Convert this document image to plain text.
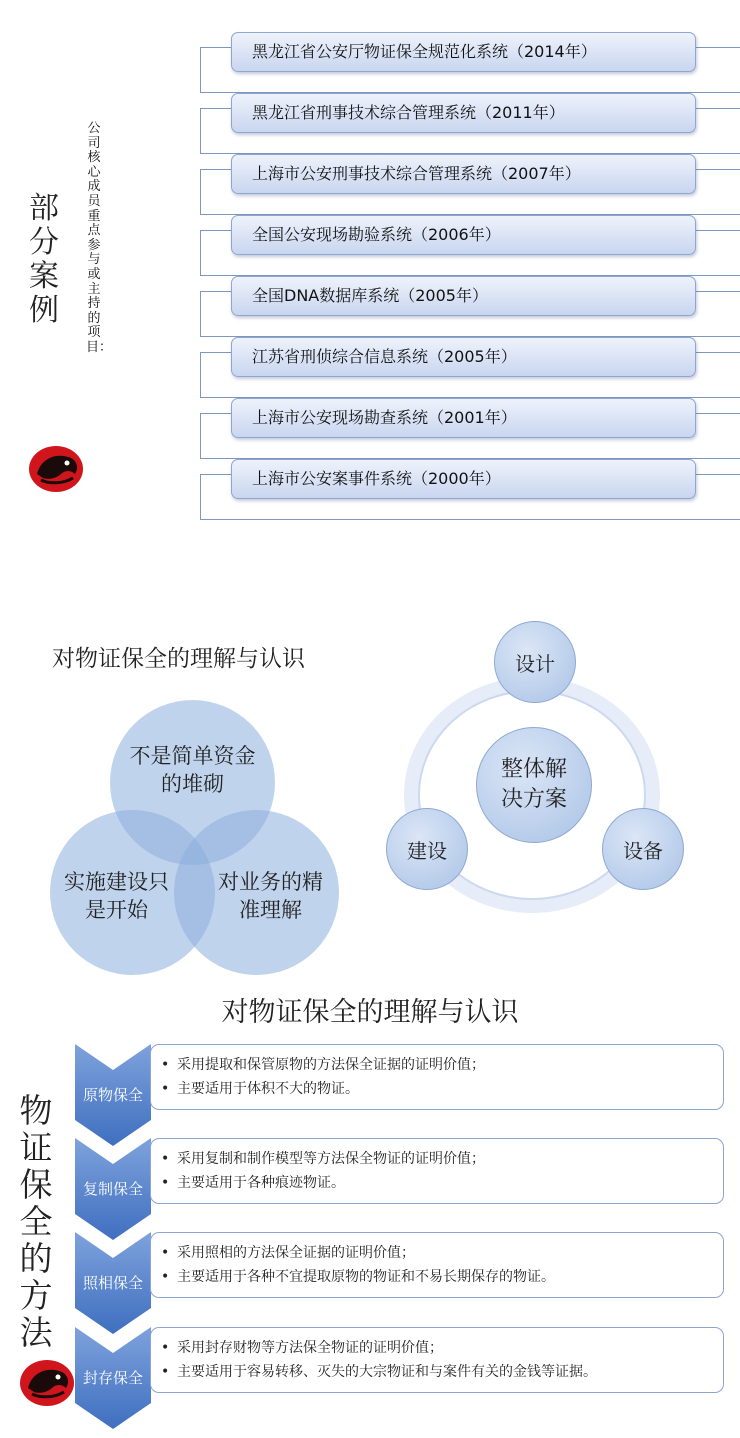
部分案例
公司核心成员重点参与或主持的项目：
黑龙江省公安厅物证保全规范化系统（2014年）
黑龙江省刑事技术综合管理系统（2011年）
上海市公安刑事技术综合管理系统（2007年）
全国公安现场勘验系统（2006年）
全国DNA数据库系统（2005年）
江苏省刑侦综合信息系统（2005年）
上海市公安现场勘查系统（2001年）
上海市公安案事件系统（2000年）
对物证保全的理解与认识
不是简单资金的堆砌
实施建设只是开始
对业务的精准理解
整体解决方案
设计
设备
建设
对物证保全的理解与认识
物证保全的方法
原物保全
• 采用提取和保管原物的方法保全证据的证明价值；
• 主要适用于体积不大的物证。
复制保全
• 采用复制和制作模型等方法保全物证的证明价值；
• 主要适用于各种痕迹物证。
照相保全
• 采用照相的方法保全证据的证明价值；
• 主要适用于各种不宜提取原物的物证和不易长期保存的物证。
封存保全
• 采用封存财物等方法保全物证的证明价值；
• 主要适用于容易转移、灭失的大宗物证和与案件有关的金钱等证据。
